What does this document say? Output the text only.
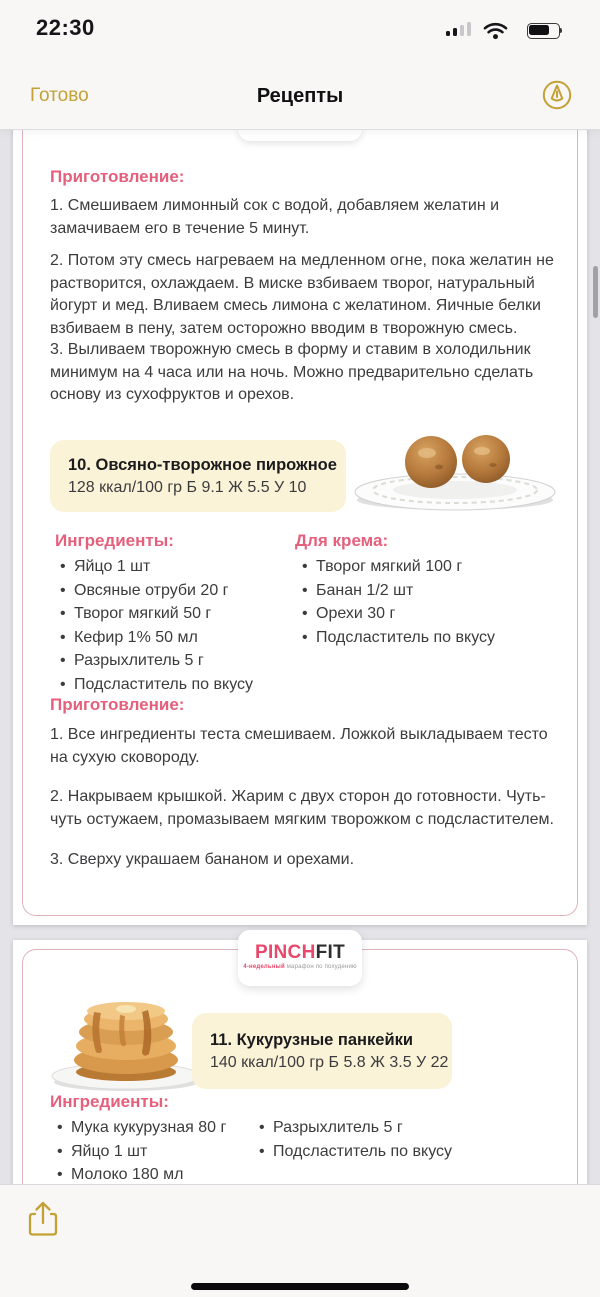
22:30
Готово	Рецепты
Приготовление:

1. Смешиваем лимонный сок с водой, добавляем желатин и замачиваем его в течение 5 минут.

2. Потом эту смесь нагреваем на медленном огне, пока желатин не растворится, охлаждаем. В миске взбиваем творог, натуральный йогурт и мед. Вливаем смесь лимона с желатином. Яичные белки взбиваем в пену, затем осторожно вводим в творожную смесь.

3. Выливаем творожную смесь в форму и ставим в холодильник минимум на 4 часа или на ночь. Можно предварительно сделать основу из сухофруктов и орехов.

10. Овсяно-творожное пирожное
128 ккал/100 гр Б 9.1 Ж 5.5 У 10
Ингредиенты:
• Яйцо 1 шт
• Овсяные отруби 20 г
• Творог мягкий 50 г
• Кефир 1% 50 мл
• Разрыхлитель 5 г
• Подсластитель по вкусу
Для крема:
• Творог мягкий 100 г
• Банан 1/2 шт
• Орехи 30 г
• Подсластитель по вкусу
Приготовление:

1. Все ингредиенты теста смешиваем. Ложкой выкладываем тесто на сухую сковороду.

2. Накрываем крышкой. Жарим с двух сторон до готовности. Чуть-чуть остужаем, промазываем мягким творожком с подсластителем.

3. Сверху украшаем бананом и орехами.

11. Кукурузные панкейки
140 ккал/100 гр Б 5.8 Ж 3.5 У 22
Ингредиенты:
• Мука кукурузная 80 г
• Яйцо 1 шт
• Молоко 180 мл
• Разрыхлитель 5 г
• Подсластитель по вкусу
PINCHFIT
4-недельный марафон по похудению
